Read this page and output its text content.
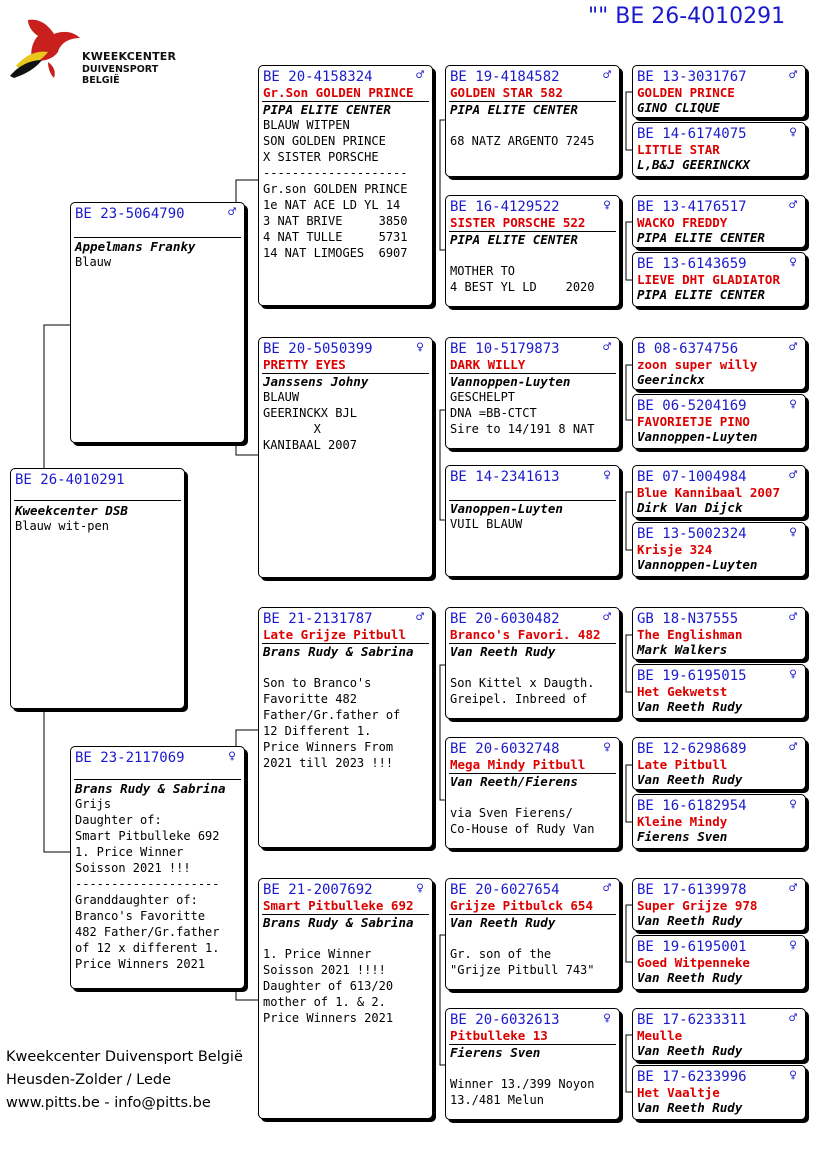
"" BE 26-4010291
KWEEKCENTER
DUIVENSPORT BELGIË
BE 26-4010291
Kweekcenter DSB
Blauw wit-pen
BE 23-5064790	♂
Appelmans Franky
Blauw
BE 23-2117069	♀
Brans Rudy & Sabrina
Grijs
Daughter of:
Smart Pitbulleke 692
1. Price Winner
Soisson 2021 !!!
--------------------
Granddaughter of:
Branco's Favoritte
482 Father/Gr.father
of 12 x different 1.
Price Winners 2021
BE 20-4158324	♂
Gr.Son GOLDEN PRINCE
PIPA ELITE CENTER
BLAUW WITPEN
SON GOLDEN PRINCE
X SISTER PORSCHE
--------------------
Gr.son GOLDEN PRINCE
1e NAT ACE LD YL 14
3 NAT BRIVE     3850
4 NAT TULLE     5731
14 NAT LIMOGES  6907
BE 20-5050399	♀
PRETTY EYES
Janssens Johny
BLAUW
GEERINCKX BJL
X
KANIBAAL 2007
BE 21-2131787	♂
Late Grijze Pitbull
Brans Rudy & Sabrina

Son to Branco's
Favoritte 482
Father/Gr.father of
12 Different 1.
Price Winners From
2021 till 2023 !!!
BE 21-2007692	♀
Smart Pitbulleke 692
Brans Rudy & Sabrina

1. Price Winner
Soisson 2021 !!!!
Daughter of 613/20
mother of 1. & 2.
Price Winners 2021
BE 19-4184582	♂
GOLDEN STAR 582
PIPA ELITE CENTER

68 NATZ ARGENTO 7245
BE 16-4129522	♀
SISTER PORSCHE 522
PIPA ELITE CENTER

MOTHER TO
4 BEST YL LD    2020
BE 10-5179873	♂
DARK WILLY
Vannoppen-Luyten
GESCHELPT
DNA =BB-CTCT
Sire to 14/191 8 NAT
BE 14-2341613	♀
Vanoppen-Luyten
VUIL BLAUW
BE 20-6030482	♂
Branco's Favori. 482
Van Reeth Rudy

Son Kittel x Daugth.
Greipel. Inbreed of
BE 20-6032748	♀
Mega Mindy Pitbull
Van Reeth/Fierens

via Sven Fierens/
Co-House of Rudy Van
BE 20-6027654	♂
Grijze Pitbulck 654
Van Reeth Rudy

Gr. son of the
"Grijze Pitbull 743"
BE 20-6032613	♀
Pitbulleke 13
Fierens Sven

Winner 13./399 Noyon
13./481 Melun
BE 13-3031767	♂
GOLDEN PRINCE
GINO CLIQUE
BE 14-6174075	♀
LITTLE STAR
L,B&J GEERINCKX
BE 13-4176517	♂
WACKO FREDDY
PIPA ELITE CENTER
BE 13-6143659	♀
LIEVE DHT GLADIATOR
PIPA ELITE CENTER
B 08-6374756	♂
zoon super willy
Geerinckx
BE 06-5204169	♀
FAVORIETJE PINO
Vannoppen-Luyten
BE 07-1004984	♂
Blue Kannibaal 2007
Dirk Van Dijck
BE 13-5002324	♀
Krisje 324
Vannoppen-Luyten
GB 18-N37555	♂
The Englishman
Mark Walkers
BE 19-6195015	♀
Het Gekwetst
Van Reeth Rudy
BE 12-6298689	♂
Late Pitbull
Van Reeth Rudy
BE 16-6182954	♀
Kleine Mindy
Fierens Sven
BE 17-6139978	♂
Super Grijze 978
Van Reeth Rudy
BE 19-6195001	♀
Goed Witpenneke
Van Reeth Rudy
BE 17-6233311	♂
Meulle
Van Reeth Rudy
BE 17-6233996	♀
Het Vaaltje
Van Reeth Rudy
Kweekcenter Duivensport België
Heusden-Zolder / Lede
www.pitts.be - info@pitts.be
